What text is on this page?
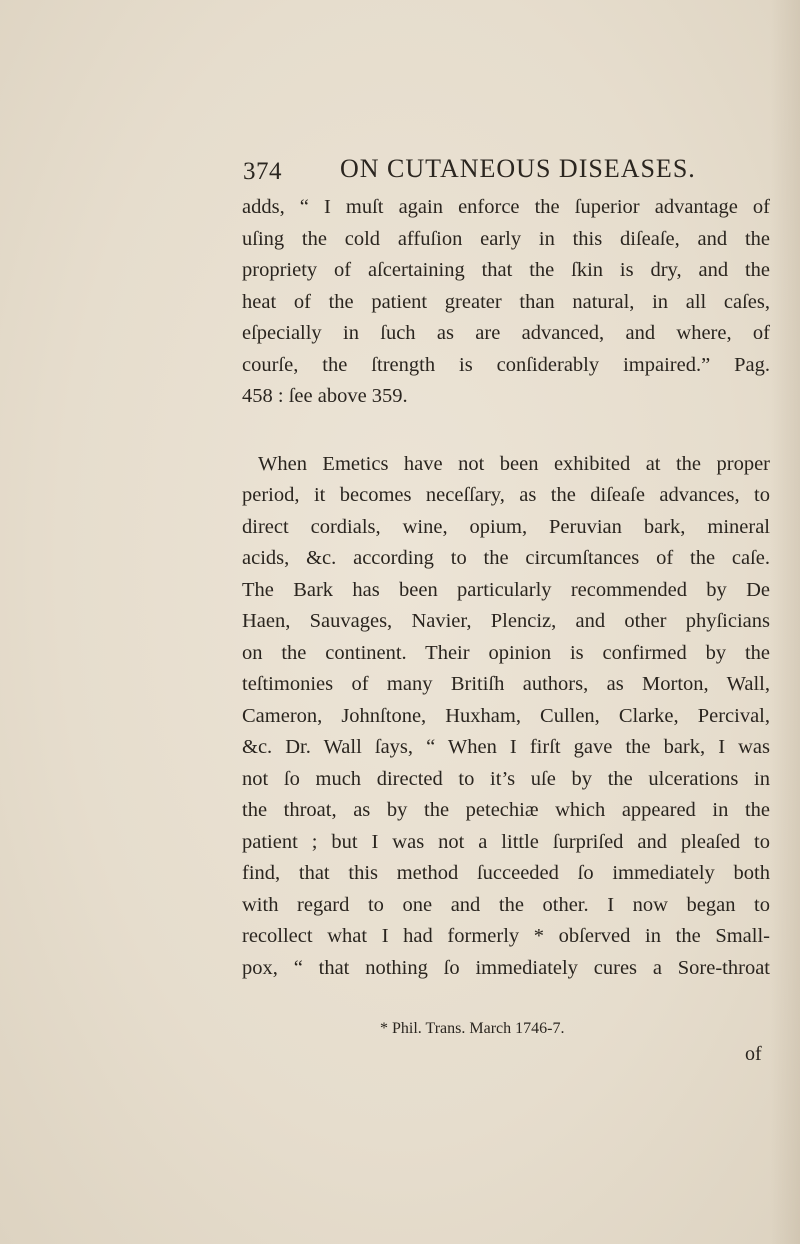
374 ON CUTANEOUS DISEASES.
adds, “ I muſt again enforce the ſuperior advantage of
uſing the cold affuſion early in this diſeaſe, and the
propriety of aſcertaining that the ſkin is dry, and the
heat of the patient greater than natural, in all caſes,
eſpecially in ſuch as are advanced, and where, of
courſe, the ſtrength is conſiderably impaired.” Pag.
458 : ſee above 359.
When Emetics have not been exhibited at the proper
period, it becomes neceſſary, as the diſeaſe advances, to
direct cordials, wine, opium, Peruvian bark, mineral
acids, &c. according to the circumſtances of the caſe.
The Bark has been particularly recommended by De
Haen, Sauvages, Navier, Plenciz, and other phyſicians
on the continent. Their opinion is confirmed by the
teſtimonies of many Britiſh authors, as Morton, Wall,
Cameron, Johnſtone, Huxham, Cullen, Clarke, Percival,
&c. Dr. Wall ſays, “ When I firſt gave the bark, I was
not ſo much directed to it’s uſe by the ulcerations in
the throat, as by the petechiæ which appeared in the
patient ; but I was not a little ſurpriſed and pleaſed to
find, that this method ſucceeded ſo immediately both
with regard to one and the other. I now began to
recollect what I had formerly * obſerved in the Small-
pox, “ that nothing ſo immediately cures a Sore-throat
* Phil. Trans. March 1746-7.
of
